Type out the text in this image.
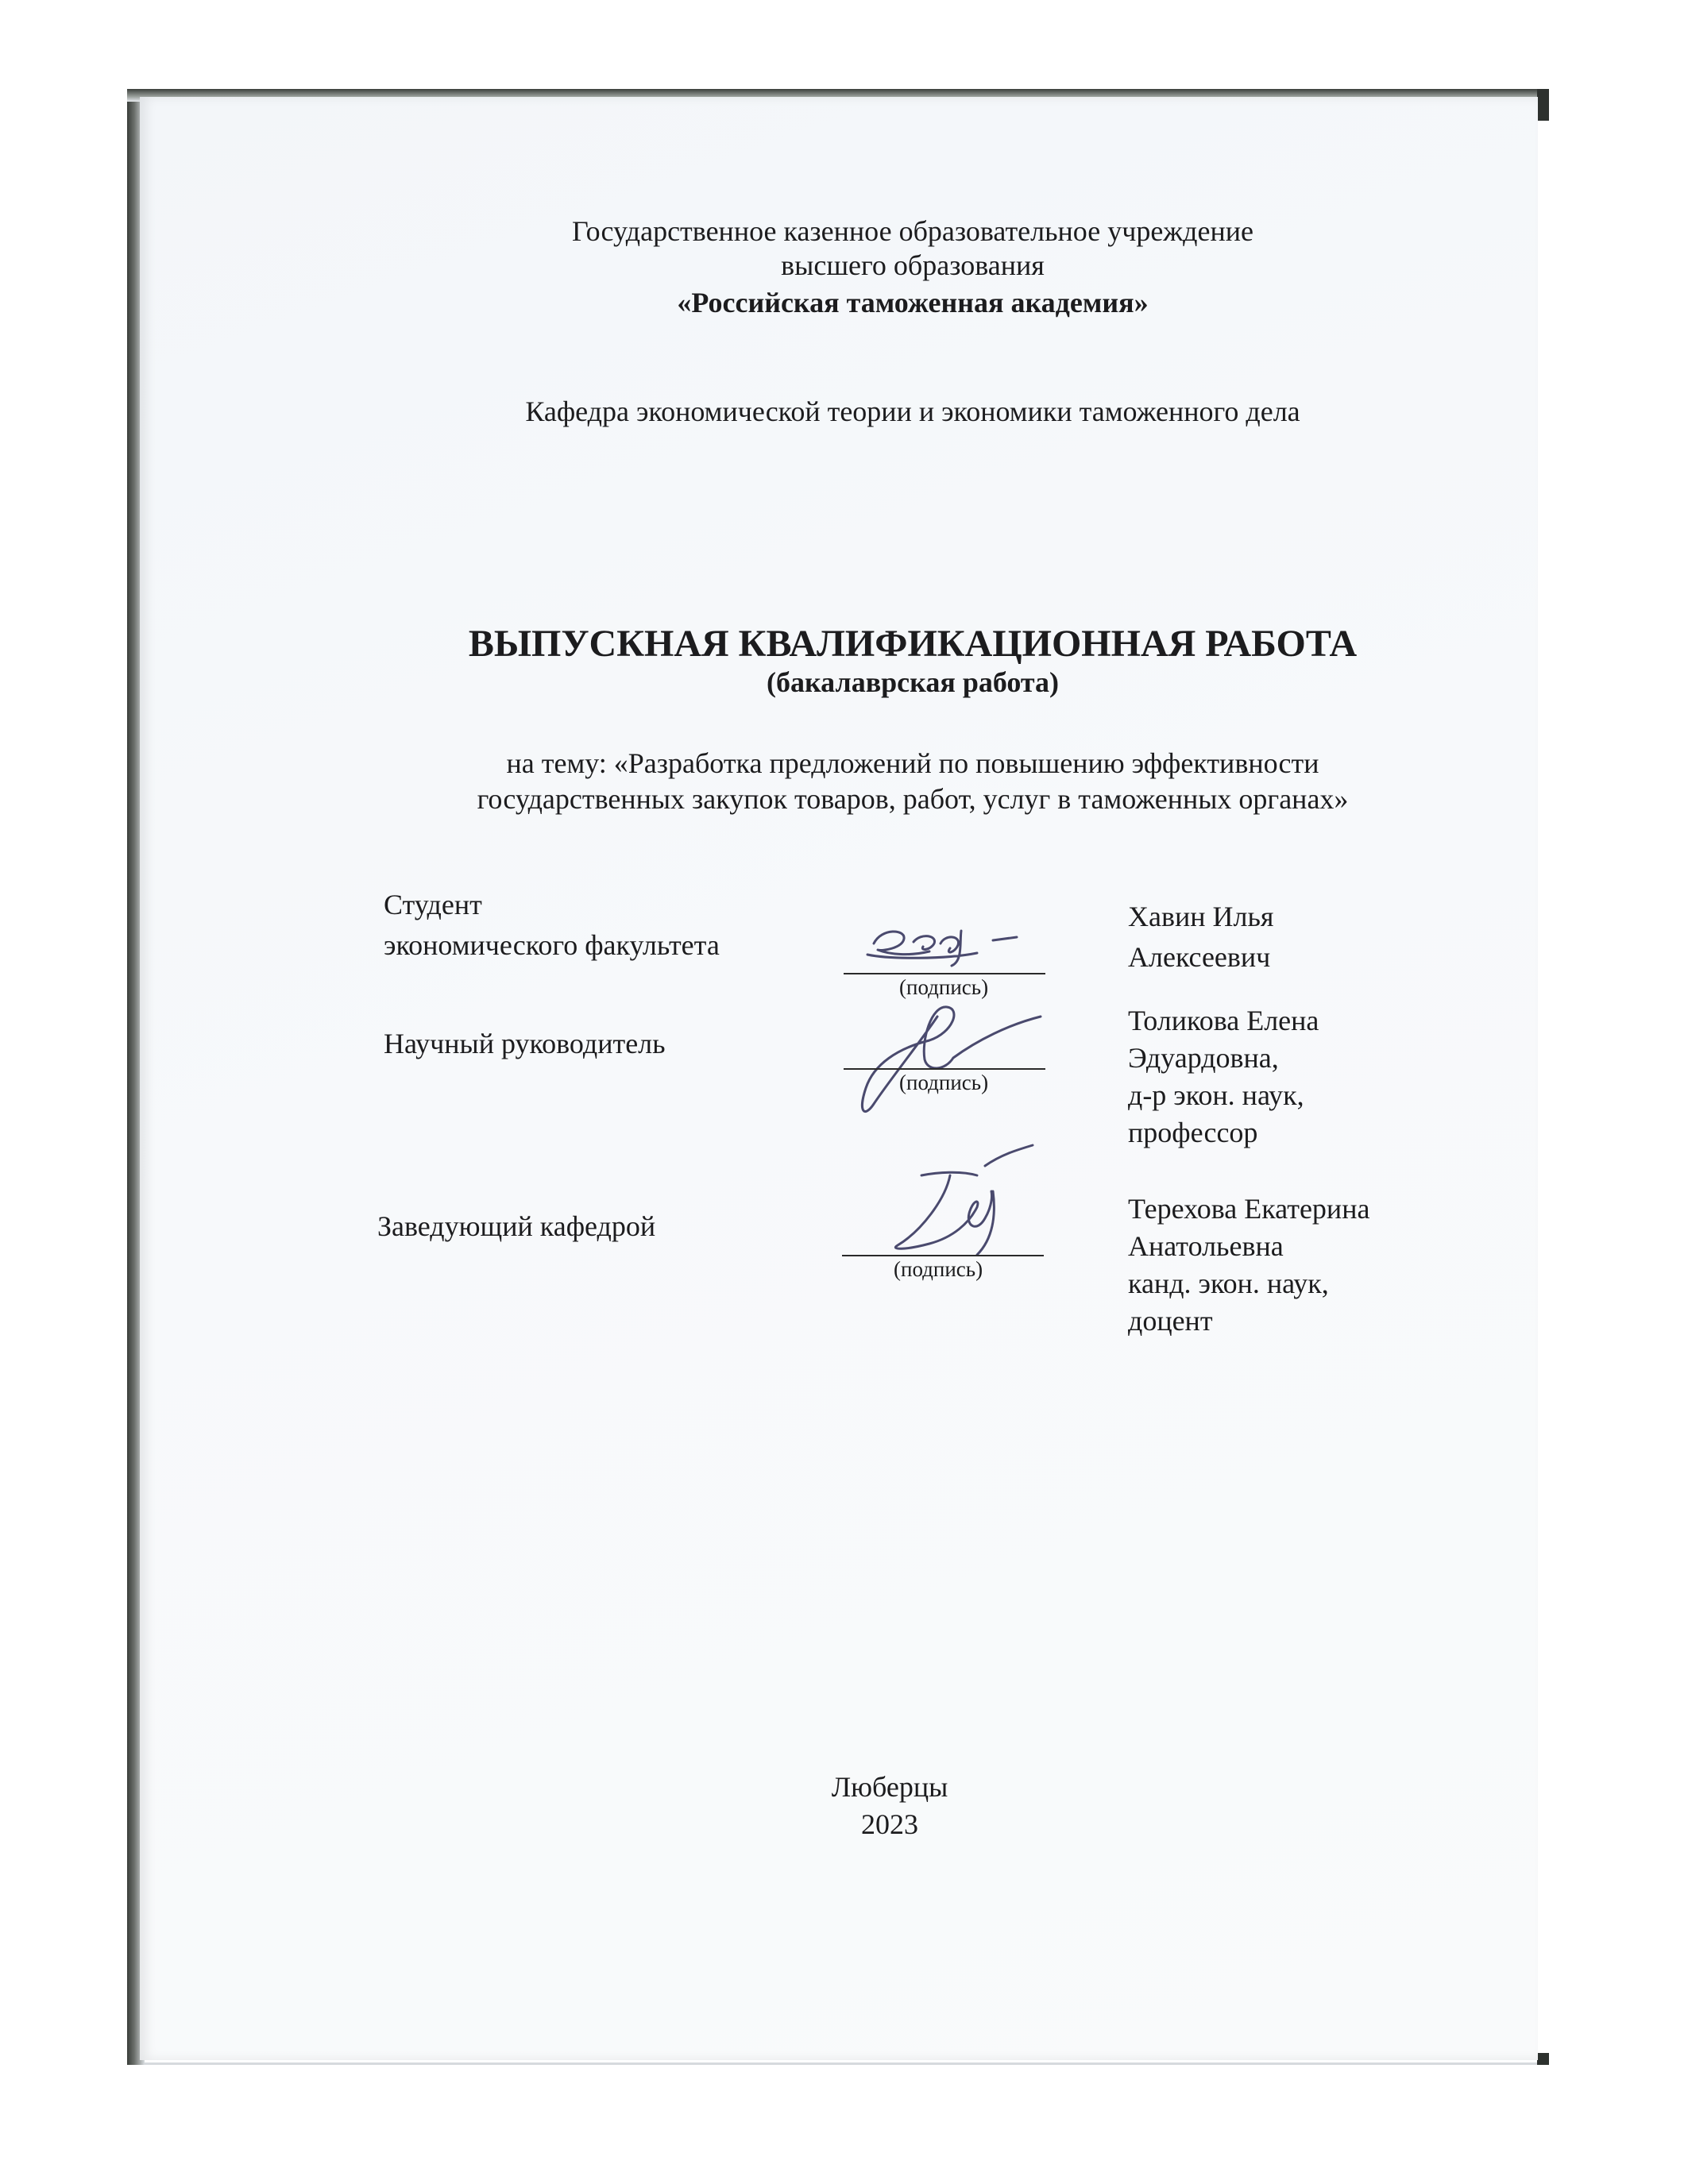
Государственное казенное образовательное учреждение
высшего образования
«Российская таможенная академия»
Кафедра экономической теории и экономики таможенного дела
ВЫПУСКНАЯ КВАЛИФИКАЦИОННАЯ РАБОТА
(бакалаврская работа)
на тему: «Разработка предложений по повышению эффективности
государственных закупок товаров, работ, услуг в таможенных органах»
Студент
экономического факультета
(подпись)
Хавин Илья
Алексеевич
Научный руководитель
(подпись)
Толикова Елена
Эдуардовна,
д-р экон. наук,
профессор
Заведующий кафедрой
(подпись)
Терехова Екатерина
Анатольевна
канд. экон. наук,
доцент
Люберцы
2023
